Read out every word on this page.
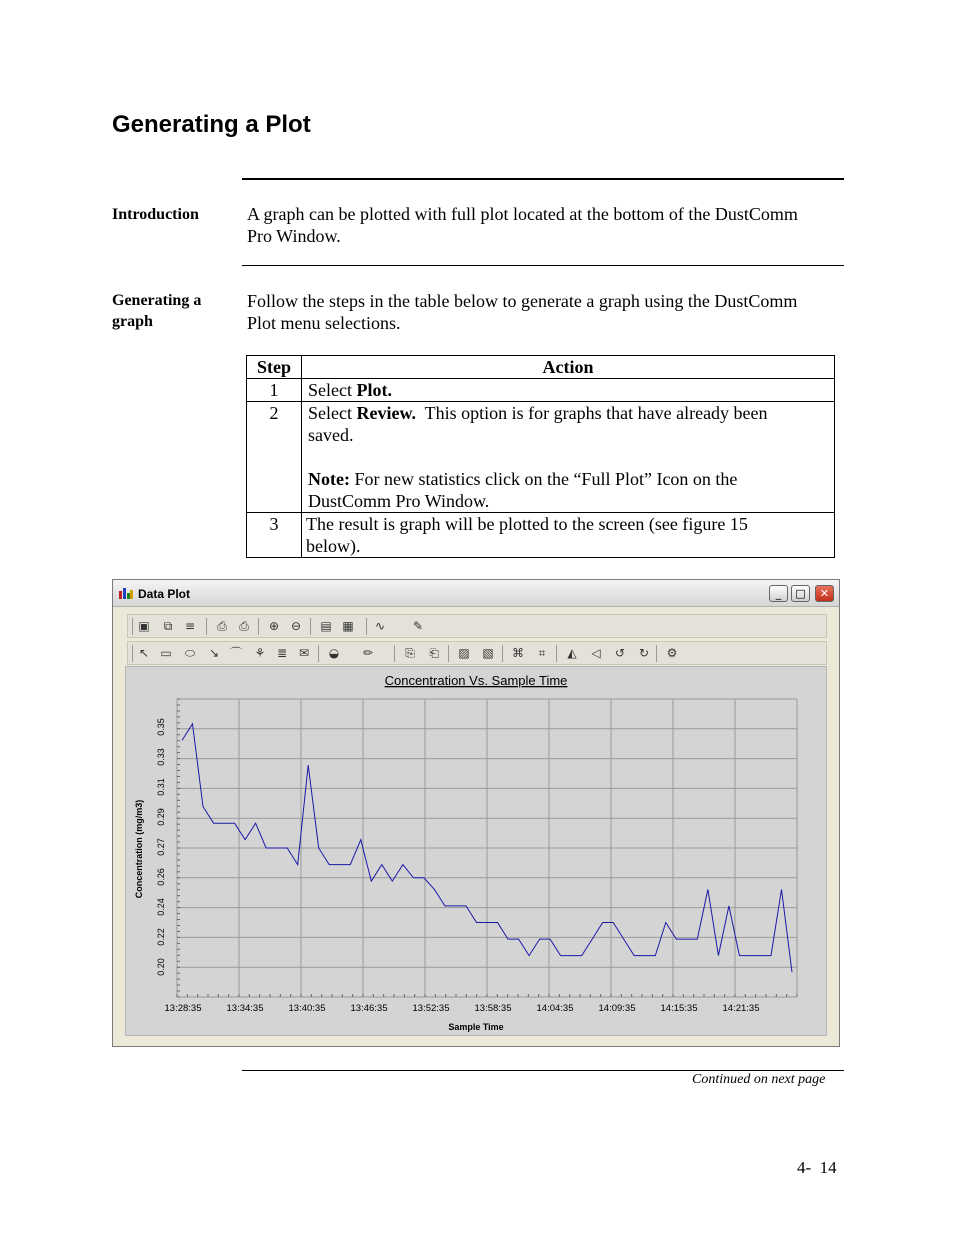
Generating a Plot
Introduction	A graph can be plotted with full plot located at the bottom of the DustComm
Pro Window.
Generating a
graph
Follow the steps in the table below to generate a graph using the DustComm
Plot menu selections.
Step	Action
1	Select Plot.
2	Select Review.  This option is for graphs that have already been
saved.
Note: For new statistics click on the “Full Plot” Icon on the
DustComm Pro Window.
3	The result is graph will be plotted to the screen (see figure 15
below).
Data Plot	_	□	✕
▣	⧉	≡ ⎙ ⎙ ⊕ ⊖ ▤ ▦ ∿ ✎
↖ ▭ ⬭ ↘ ⌒ ⚘ ≣ ✉ ◒ ✏	⎘ ⎗ ▨ ▧ ⌘	⌗	◭ ◁ ↺ ↻ ⚙
Concentration Vs. Sample Time
Concentration (mg/m3)
Sample Time
0.20
0.22
0.24
0.26
0.27
0.29
0.31
0.33
0.35
13:28:35	13:34:35	13:40:35	13:46:35	13:52:35	13:58:35	14:04:35	14:09:35	14:15:35	14:21:35
Continued on next page
4-  14
